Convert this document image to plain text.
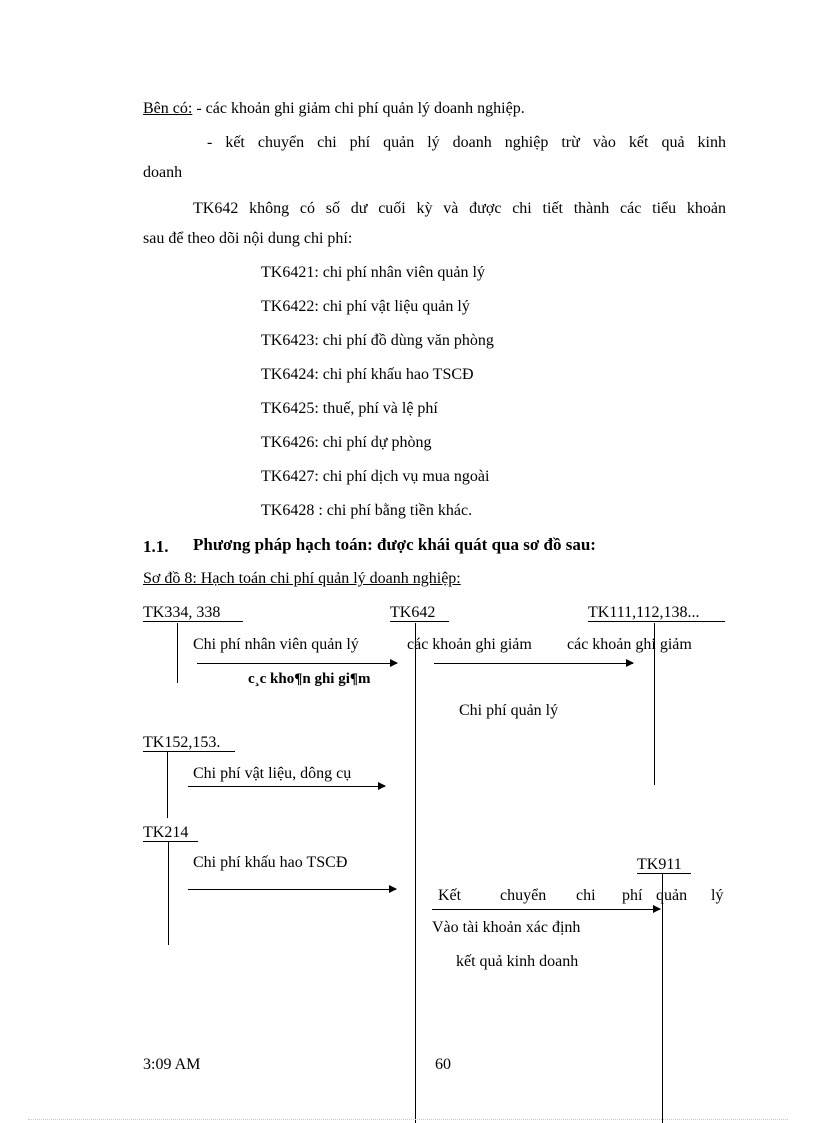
Bên có: - các khoản ghi giảm chi phí quản lý doanh nghiệp.
- kết chuyển chi phí quản lý doanh nghiệp trừ vào kết quả kinh
doanh
TK642 không có số dư cuối kỳ và được chi tiết thành các tiểu khoản
sau để theo dõi nội dung chi phí:
TK6421: chi phí nhân viên quản lý
TK6422: chi phí vật liệu quản lý
TK6423: chi phí đồ dùng văn phòng
TK6424: chi phí khấu hao TSCĐ
TK6425: thuế, phí và lệ phí
TK6426: chi phí dự phòng
TK6427: chi phí dịch vụ mua ngoài
TK6428 : chi phí bằng tiền khác.
1.1. Phương pháp hạch toán: được khái quát qua sơ đồ sau:
Sơ đồ 8: Hạch toán chi phí quản lý doanh nghiệp:
TK334, 338	TK642	TK111,112,138...
Chi phí nhân viên quản lý	các khoản ghi giảm các khoản ghi giảm
c¸c kho¶n ghi gi¶m
Chi phí quản lý
TK152,153.
Chi phí vật liệu, dông cụ
TK214
Chi phí khấu hao TSCĐ	TK911
Kết chuyển chi phí quản lý
Vào tài khoản xác định
kết quả kinh doanh
3:09 AM	60
